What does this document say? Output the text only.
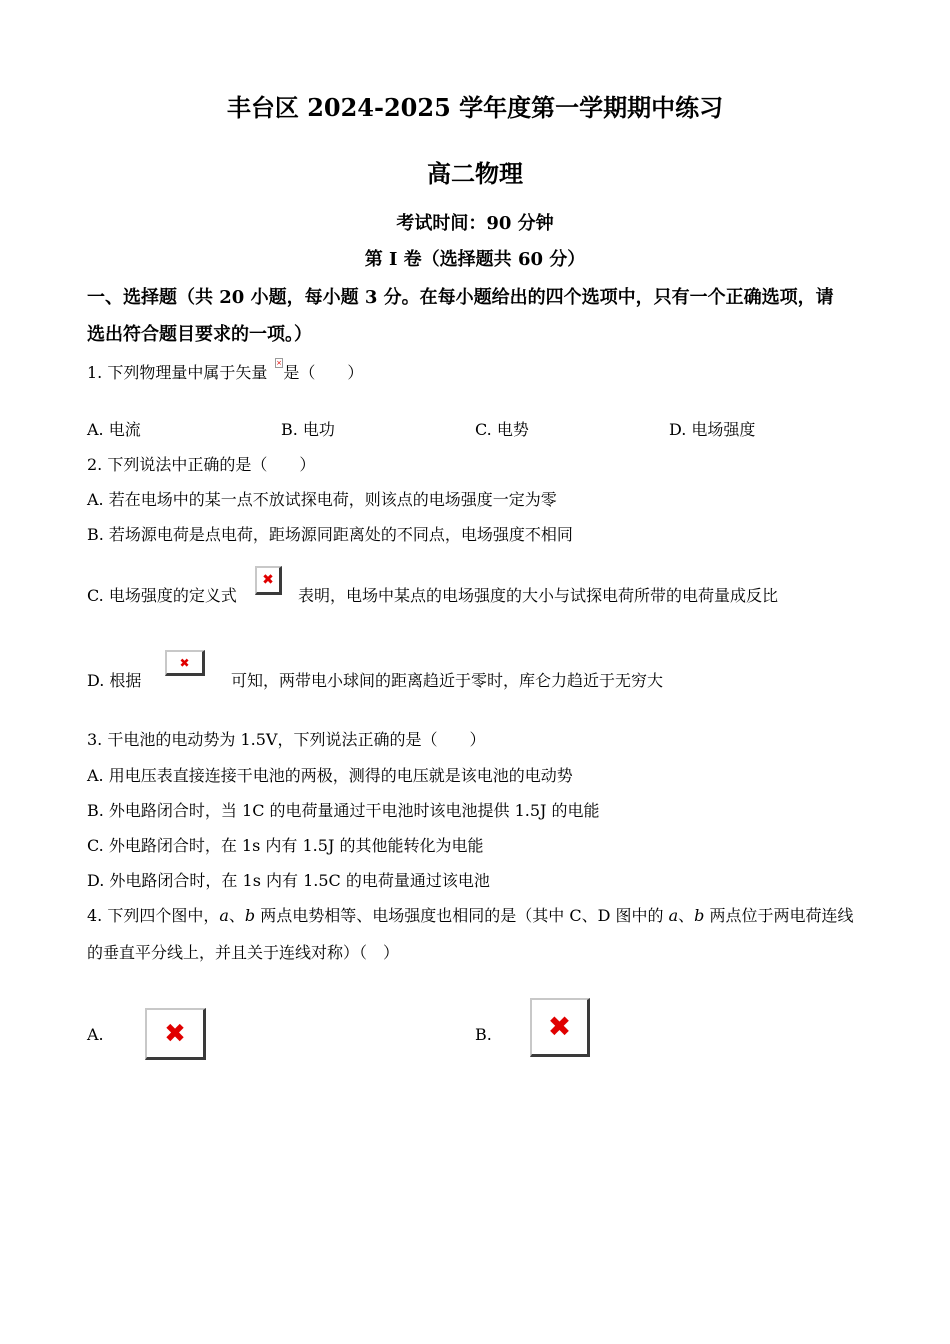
丰台区 2024-2025 学年度第一学期期中练习
高二物理
考试时间：90 分钟
第 I 卷（选择题共 60 分）
一、选择题（共 20 小题，每小题 3 分。在每小题给出的四个选项中，只有一个正确选项，请
选出符合题目要求的一项。）
1. 下列物理量中属于矢量 是（　　）
×
A. 电流	B. 电功	C. 电势	D. 电场强度
2. 下列说法中正确的是（　　）
A. 若在电场中的某一点不放试探电荷，则该点的电场强度一定为零
B. 若场源电荷是点电荷，距场源同距离处的不同点，电场强度不相同
C. 电场强度的定义式
✖
表明，电场中某点的电场强度的大小与试探电荷所带的电荷量成反比
D. 根据
✖
可知，两带电小球间的距离趋近于零时，库仑力趋近于无穷大
3. 干电池的电动势为 1.5V，下列说法正确的是（　　）
A. 用电压表直接连接干电池的两极，测得的电压就是该电池的电动势
B. 外电路闭合时，当 1C 的电荷量通过干电池时该电池提供 1.5J 的电能
C. 外电路闭合时，在 1s 内有 1.5J 的其他能转化为电能
D. 外电路闭合时，在 1s 内有 1.5C 的电荷量通过该电池
4. 下列四个图中，a、b 两点电势相等、电场强度也相同的是（其中 C、D 图中的 a、b 两点位于两电荷连线
的垂直平分线上，并且关于连线对称）（　）
A. ✖	B. ✖
